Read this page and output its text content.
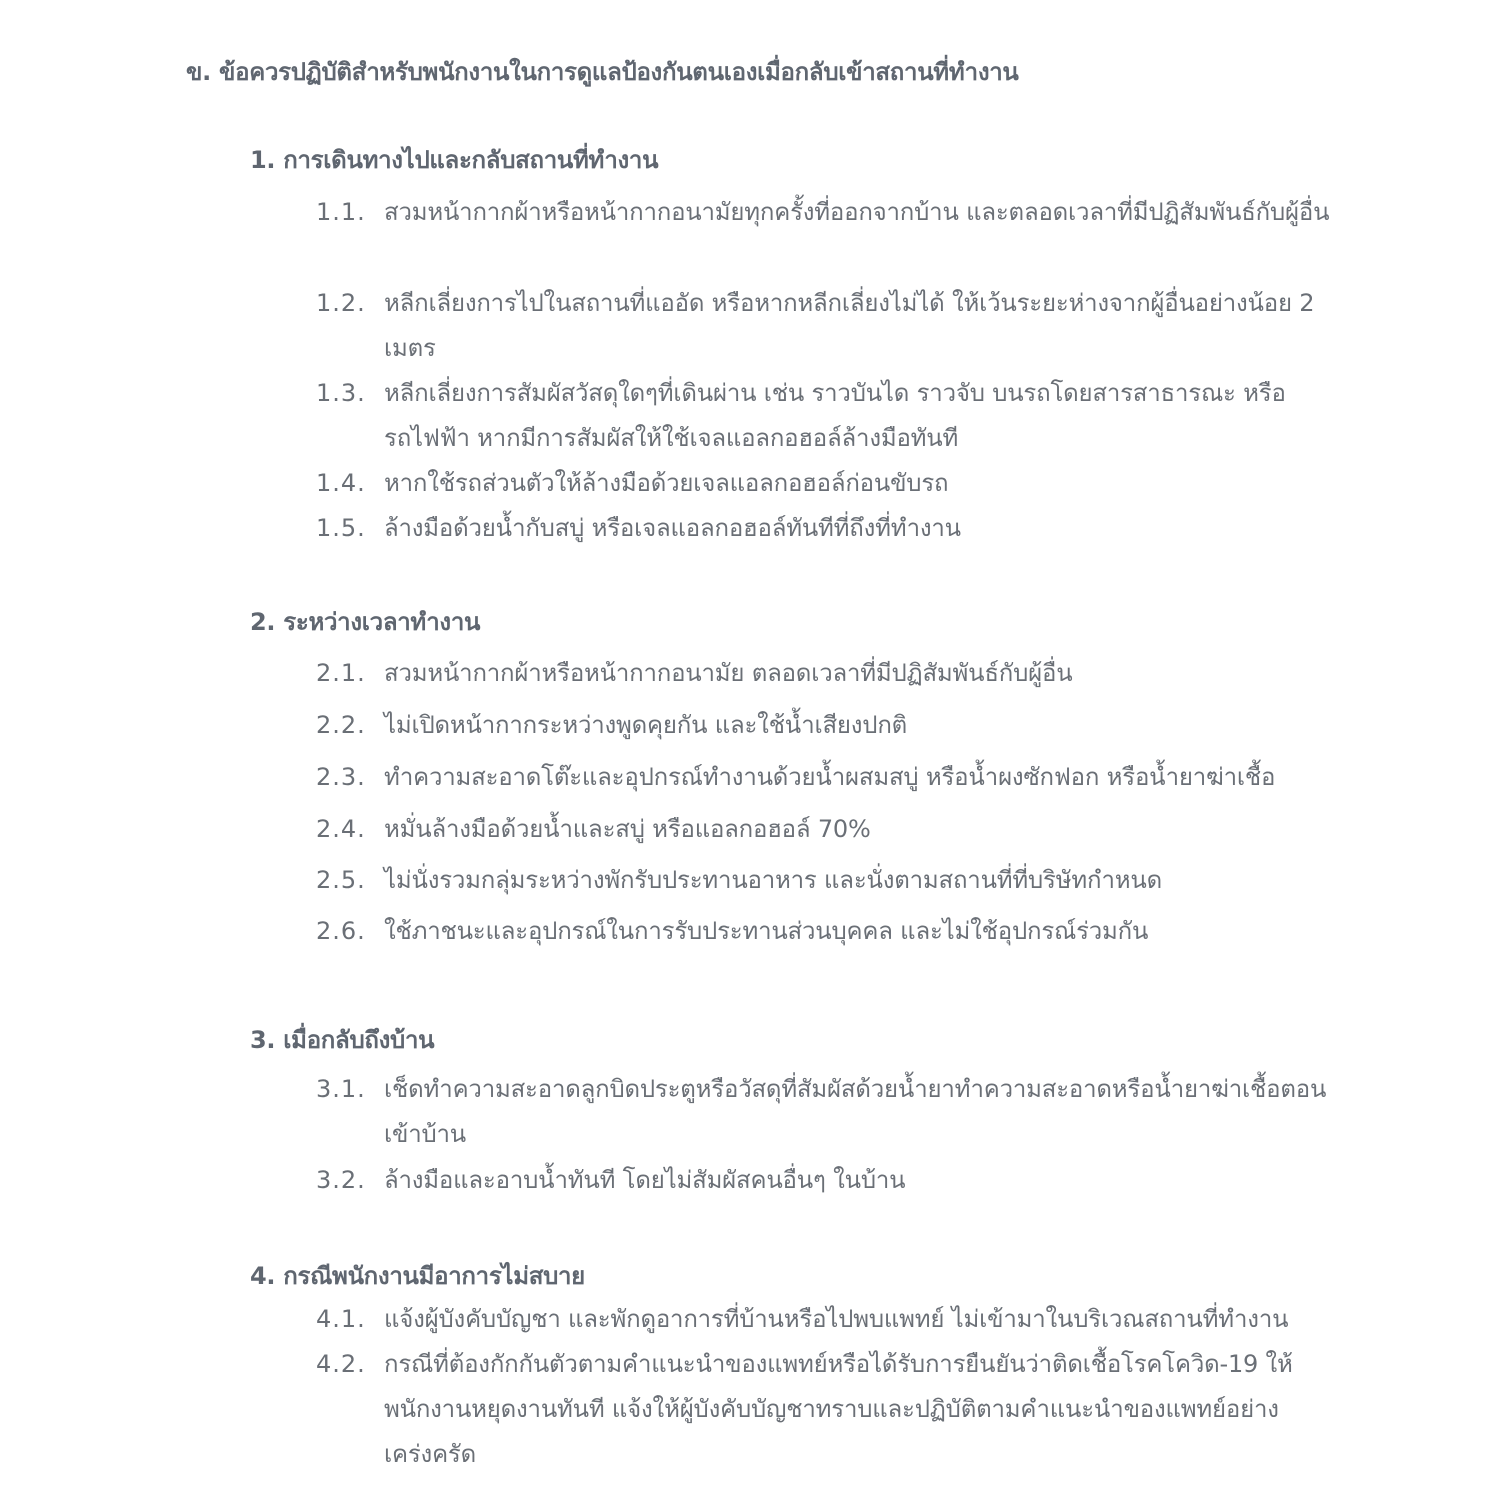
ข. ข้อควรปฏิบัติสำหรับพนักงานในการดูแลป้องกันตนเองเมื่อกลับเข้าสถานที่ทำงาน
1. การเดินทางไปและกลับสถานที่ทำงาน
1.1. สวมหน้ากากผ้าหรือหน้ากากอนามัยทุกครั้งที่ออกจากบ้าน และตลอดเวลาที่มีปฏิสัมพันธ์กับผู้อื่น
1.2. หลีกเลี่ยงการไปในสถานที่แออัด หรือหากหลีกเลี่ยงไม่ได้ ให้เว้นระยะห่างจากผู้อื่นอย่างน้อย 2 เมตร
1.3. หลีกเลี่ยงการสัมผัสวัสดุใดๆที่เดินผ่าน เช่น ราวบันได ราวจับ บนรถโดยสารสาธารณะ หรือรถไฟฟ้า หากมีการสัมผัสให้ใช้เจลแอลกอฮอล์ล้างมือทันที
1.4. หากใช้รถส่วนตัวให้ล้างมือด้วยเจลแอลกอฮอล์ก่อนขับรถ
1.5. ล้างมือด้วยน้ำกับสบู่ หรือเจลแอลกอฮอล์ทันทีที่ถึงที่ทำงาน
2. ระหว่างเวลาทำงาน
2.1. สวมหน้ากากผ้าหรือหน้ากากอนามัย ตลอดเวลาที่มีปฏิสัมพันธ์กับผู้อื่น
2.2. ไม่เปิดหน้ากากระหว่างพูดคุยกัน และใช้น้ำเสียงปกติ
2.3. ทำความสะอาดโต๊ะและอุปกรณ์ทำงานด้วยน้ำผสมสบู่ หรือน้ำผงซักฟอก หรือน้ำยาฆ่าเชื้อ
2.4. หมั่นล้างมือด้วยน้ำและสบู่ หรือแอลกอฮอล์ 70%
2.5. ไม่นั่งรวมกลุ่มระหว่างพักรับประทานอาหาร และนั่งตามสถานที่ที่บริษัทกำหนด
2.6. ใช้ภาชนะและอุปกรณ์ในการรับประทานส่วนบุคคล และไม่ใช้อุปกรณ์ร่วมกัน
3. เมื่อกลับถึงบ้าน
3.1. เช็ดทำความสะอาดลูกบิดประตูหรือวัสดุที่สัมผัสด้วยน้ำยาทำความสะอาดหรือน้ำยาฆ่าเชื้อตอนเข้าบ้าน
3.2. ล้างมือและอาบน้ำทันที โดยไม่สัมผัสคนอื่นๆ ในบ้าน
4. กรณีพนักงานมีอาการไม่สบาย
4.1. แจ้งผู้บังคับบัญชา และพักดูอาการที่บ้านหรือไปพบแพทย์ ไม่เข้ามาในบริเวณสถานที่ทำงาน
4.2. กรณีที่ต้องกักกันตัวตามคำแนะนำของแพทย์หรือได้รับการยืนยันว่าติดเชื้อโรคโควิด-19 ให้พนักงานหยุดงานทันที แจ้งให้ผู้บังคับบัญชาทราบและปฏิบัติตามคำแนะนำของแพทย์อย่างเคร่งครัด
